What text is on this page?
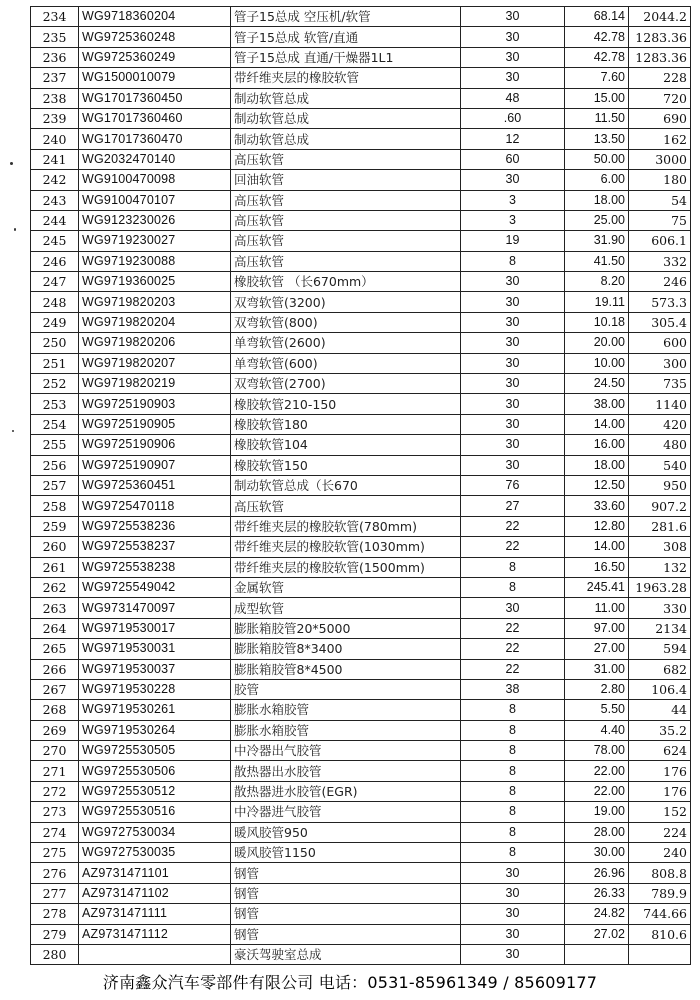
234	WG9718360204	管子15总成 空压机/软管	30	68.14	2044.2
235	WG9725360248	管子15总成 软管/直通	30	42.78	1283.36
236	WG9725360249	管子15总成 直通/干燥器1L1	30	42.78	1283.36
237	WG1500010079	带纤维夹层的橡胶软管	30	7.60	228
238	WG17017360450	制动软管总成	48	15.00	720
239	WG17017360460	制动软管总成	.60	11.50	690
240	WG17017360470	制动软管总成	12	13.50	162
241	WG2032470140	高压软管	60	50.00	3000
242	WG9100470098	回油软管	30	6.00	180
243	WG9100470107	高压软管	3	18.00	54
244	WG9123230026	高压软管	3	25.00	75
245	WG9719230027	高压软管	19	31.90	606.1
246	WG9719230088	高压软管	8	41.50	332
247	WG9719360025	橡胶软管 （长670mm）	30	8.20	246
248	WG9719820203	双弯软管(3200)	30	19.11	573.3
249	WG9719820204	双弯软管(800)	30	10.18	305.4
250	WG9719820206	单弯软管(2600)	30	20.00	600
251	WG9719820207	单弯软管(600)	30	10.00	300
252	WG9719820219	双弯软管(2700)	30	24.50	735
253	WG9725190903	橡胶软管210-150	30	38.00	1140
254	WG9725190905	橡胶软管180	30	14.00	420
255	WG9725190906	橡胶软管104	30	16.00	480
256	WG9725190907	橡胶软管150	30	18.00	540
257	WG9725360451	制动软管总成（长670	76	12.50	950
258	WG9725470118	高压软管	27	33.60	907.2
259	WG9725538236	带纤维夹层的橡胶软管(780mm)	22	12.80	281.6
260	WG9725538237	带纤维夹层的橡胶软管(1030mm)	22	14.00	308
261	WG9725538238	带纤维夹层的橡胶软管(1500mm)	8	16.50	132
262	WG9725549042	金属软管	8	245.41	1963.28
263	WG9731470097	成型软管	30	11.00	330
264	WG9719530017	膨胀箱胶管20*5000	22	97.00	2134
265	WG9719530031	膨胀箱胶管8*3400	22	27.00	594
266	WG9719530037	膨胀箱胶管8*4500	22	31.00	682
267	WG9719530228	胶管	38	2.80	106.4
268	WG9719530261	膨胀水箱胶管	8	5.50	44
269	WG9719530264	膨胀水箱胶管	8	4.40	35.2
270	WG9725530505	中冷器出气胶管	8	78.00	624
271	WG9725530506	散热器出水胶管	8	22.00	176
272	WG9725530512	散热器进水胶管(EGR)	8	22.00	176
273	WG9725530516	中冷器进气胶管	8	19.00	152
274	WG9727530034	暖风胶管950	8	28.00	224
275	WG9727530035	暖风胶管1150	8	30.00	240
276	AZ9731471101	钢管	30	26.96	808.8
277	AZ9731471102	钢管	30	26.33	789.9
278	AZ9731471111	钢管	30	24.82	744.66
279	AZ9731471112	钢管	30	27.02	810.6
280		豪沃驾驶室总成	30		
济南鑫众汽车零部件有限公司 电话：0531-85961349 / 85609177
